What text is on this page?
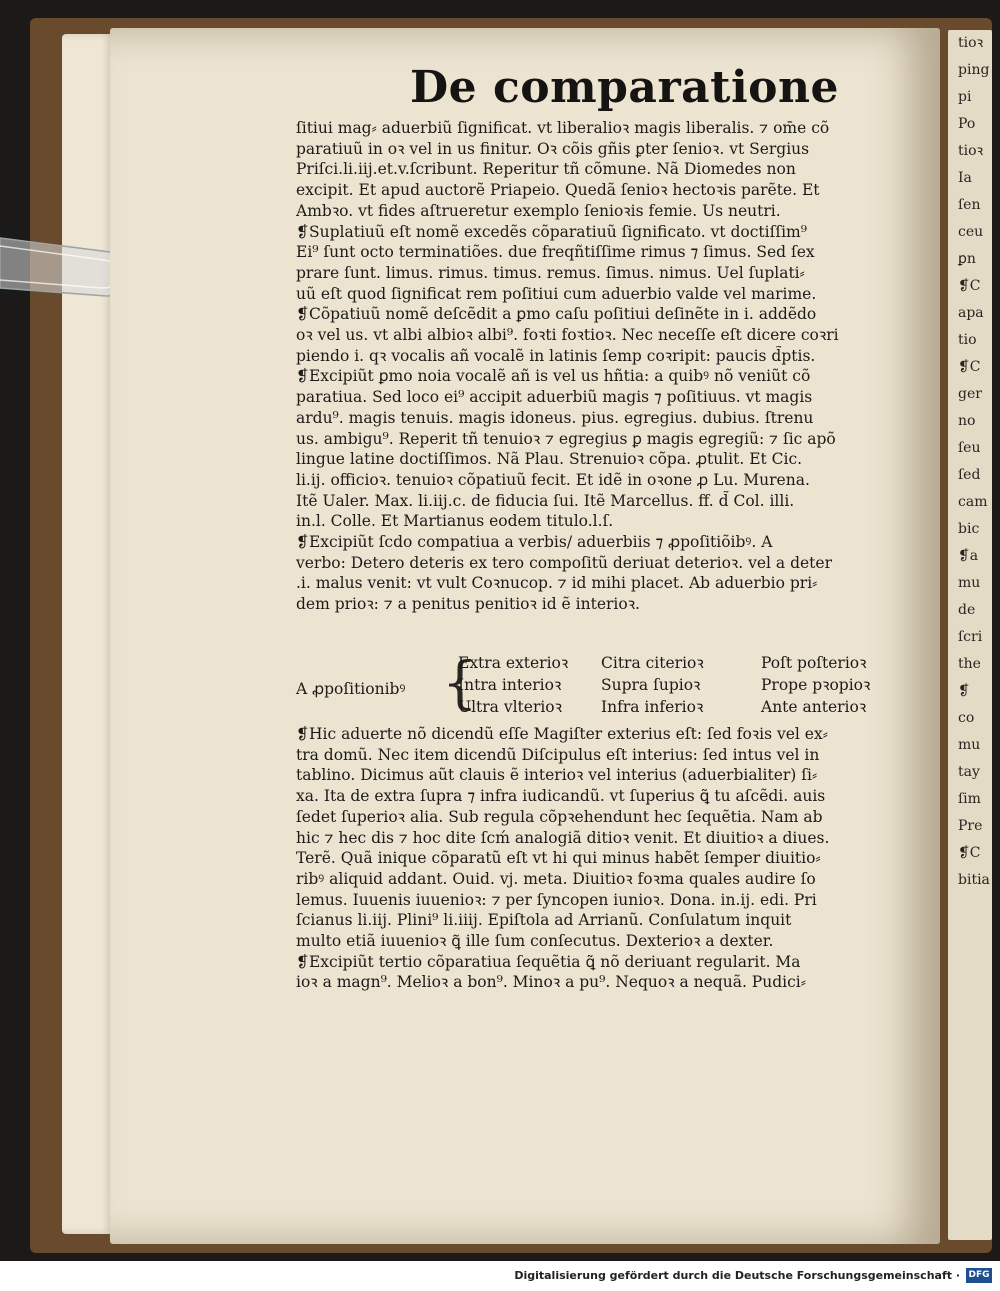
tioꝛ
ping
pi
Po
tioꝛ
Ia
ſen
ceu
ꝑn
❡C
apa
tio
❡C
ger
no
ſeu
ſed
cam
bic
❡a
mu
de
ſcri
the
❡
co
mu
tay
ſim
Pre
❡C
bitia
De comparatione
ſitiui mag⸗ aduerbiũ ſignificat. vt liberalioꝛ magis liberalis. ⁊ om̄e cõ
paratiuũ in oꝛ vel in us finitur. Oꝛ cõis gñis ꝑter ſenioꝛ. vt Sergius
Priſci.li.iij.et.v.ſcribunt. Reperitur tñ cõmune. Nã Diomedes non
excipit. Et apud auctorẽ Priapeio. Quedã ſenioꝛ hectoꝛis parẽte. Et
Ambꝛo. vt fides aſtrueretur exemplo ſenioꝛis femie. Us neutri.
❡Suplatiuũ eſt nomẽ excedẽs cõparatiuũ ſignificato. vt doctiſſim⁹
Ei⁹ ſunt octo terminatiões. due freqñtiſſime rimus ⁊ ſimus. Sed ſex
prare ſunt. limus. rimus. timus. remus. ſimus. nimus. Uel ſuplati⸗
uũ eſt quod ſignificat rem poſitiui cum aduerbio valde vel marime.
❡Cõpatiuũ nomẽ deſcẽdit a ꝑmo caſu poſitiui deſinẽte in i. addẽdo
oꝛ vel us. vt albi albioꝛ albi⁹. foꝛti foꝛtioꝛ. Nec neceſſe eſt dicere coꝛri
piendo i. qꝛ vocalis añ vocalẽ in latinis ſemp coꝛripit: paucis d̃ptis.
❡Excipiũt ꝑmo noia vocalẽ añ is vel us hñtia: a quibꝰ nõ veniũt cõ
paratiua. Sed loco ei⁹ accipit aduerbiũ magis ⁊ poſitiuus. vt magis
ardu⁹. magis tenuis. magis idoneus. pius. egregius. dubius. ſtrenu
us. ambigu⁹. Reperit tñ tenuioꝛ ⁊ egregius ꝑ magis egregiũ: ⁊ ſic apõ
lingue latine doctiſſimos. Nã Plau. Strenuioꝛ cõpa. ꝓtulit. Et Cic.
li.ij. officioꝛ. tenuioꝛ cõpatiuũ fecit. Et idẽ in oꝛone ꝓ Lu. Murena.
Itẽ Ualer. Max. li.iij.c. de fiducia ſui. Itẽ Marcellus. ff. d̃ Col. illi.
in.l. Colle. Et Martianus eodem titulo.l.ſ.
❡Excipiũt ſcdo compatiua a verbis/ aduerbiis ⁊ ꝓpoſitiõibꝰ. A
verbo: Detero deteris ex tero compoſitũ deriuat deterioꝛ. vel a deter
.i. malus venit: vt vult Coꝛnucop. ⁊ id mihi placet. Ab aduerbio pri⸗
dem prioꝛ: ⁊ a penitus penitioꝛ id ẽ interioꝛ.
A ꝓpoſitionibꝰ {
Extra exterioꝛ
Intra interioꝛ
Ultra vlterioꝛ
Citra citerioꝛ
Supra ſupioꝛ
Infra inferioꝛ
Poſt poſterioꝛ
Prope pꝛopioꝛ
Ante anterioꝛ
❡Hic aduerte nõ dicendũ eſſe Magiſter exterius eſt: ſed foꝛis vel ex⸗
tra domũ. Nec item dicendũ Diſcipulus eſt interius: ſed intus vel in
tablino. Dicimus aũt clauis ẽ interioꝛ vel interius (aduerbialiter) ſi⸗
xa. Ita de extra ſupra ⁊ infra iudicandũ. vt ſuperius ꝗ̃ tu aſcẽdi. auis
ſedet ſuperioꝛ alia. Sub regula cõpꝛehendunt hec ſequẽtia. Nam ab
hic ⁊ hec dis ⁊ hoc dite ſcḿ analogiã ditioꝛ venit. Et diuitioꝛ a diues.
Terẽ. Quã inique cõparatũ eſt vt hi qui minus habẽt ſemper diuitio⸗
ribꝰ aliquid addant. Ouid. vj. meta. Diuitioꝛ foꝛma quales audire ſo
lemus. Iuuenis iuuenioꝛ: ⁊ per ſyncopen iunioꝛ. Dona. in.ij. edi. Pri
ſcianus li.iij. Plini⁹ li.iiij. Epiſtola ad Arrianũ. Conſulatum inquit
multo etiã iuuenioꝛ ꝗ̃ ille ſum conſecutus. Dexterioꝛ a dexter.
❡Excipiũt tertio cõparatiua ſequẽtia ꝗ̃ nõ deriuant regularit. Ma
ioꝛ a magn⁹. Melioꝛ a bon⁹. Minoꝛ a pu⁹. Nequoꝛ a nequã. Pudici⸗
Digitalisierung gefördert durch die Deutsche Forschungsgemeinschaft · DFG
